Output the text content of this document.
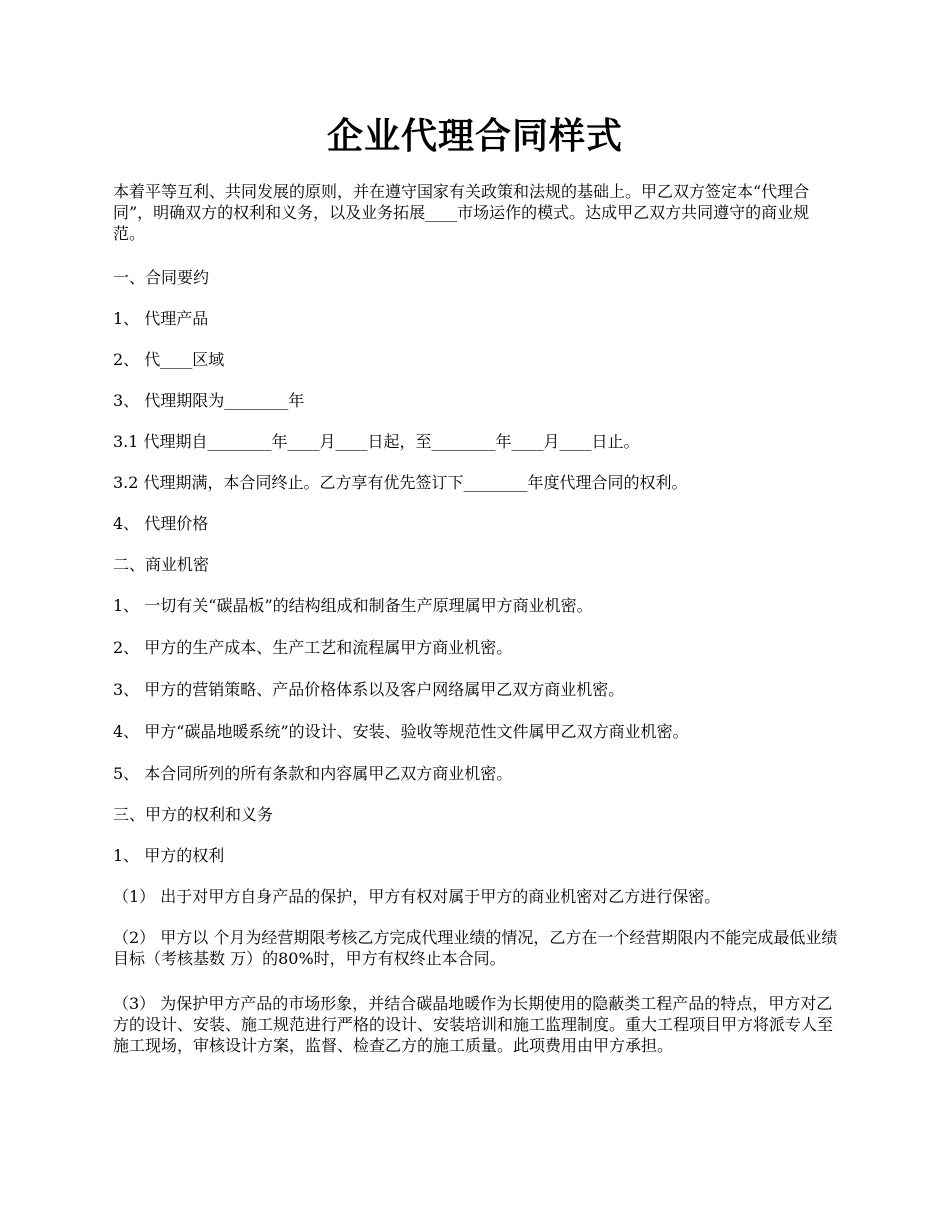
企业代理合同样式

本着平等互利、共同发展的原则，并在遵守国家有关政策和法规的基础上。甲乙双方签定本“代理合同”，明确双方的权利和义务，以及业务拓展____市场运作的模式。达成甲乙双方共同遵守的商业规范。

一、合同要约

1、 代理产品

2、 代____区域

3、 代理期限为________年

3.1 代理期自________年____月____日起，至________年____月____日止。

3.2 代理期满，本合同终止。乙方享有优先签订下________年度代理合同的权利。

4、 代理价格

二、商业机密

1、 一切有关“碳晶板”的结构组成和制备生产原理属甲方商业机密。

2、 甲方的生产成本、生产工艺和流程属甲方商业机密。

3、 甲方的营销策略、产品价格体系以及客户网络属甲乙双方商业机密。

4、 甲方“碳晶地暖系统”的设计、安装、验收等规范性文件属甲乙双方商业机密。

5、 本合同所列的所有条款和内容属甲乙双方商业机密。

三、甲方的权利和义务

1、 甲方的权利

（1） 出于对甲方自身产品的保护，甲方有权对属于甲方的商业机密对乙方进行保密。

（2） 甲方以 个月为经营期限考核乙方完成代理业绩的情况，乙方在一个经营期限内不能完成最低业绩目标（考核基数 万）的80%时，甲方有权终止本合同。

（3） 为保护甲方产品的市场形象，并结合碳晶地暖作为长期使用的隐蔽类工程产品的特点，甲方对乙方的设计、安装、施工规范进行严格的设计、安装培训和施工监理制度。重大工程项目甲方将派专人至施工现场，审核设计方案，监督、检查乙方的施工质量。此项费用由甲方承担。
